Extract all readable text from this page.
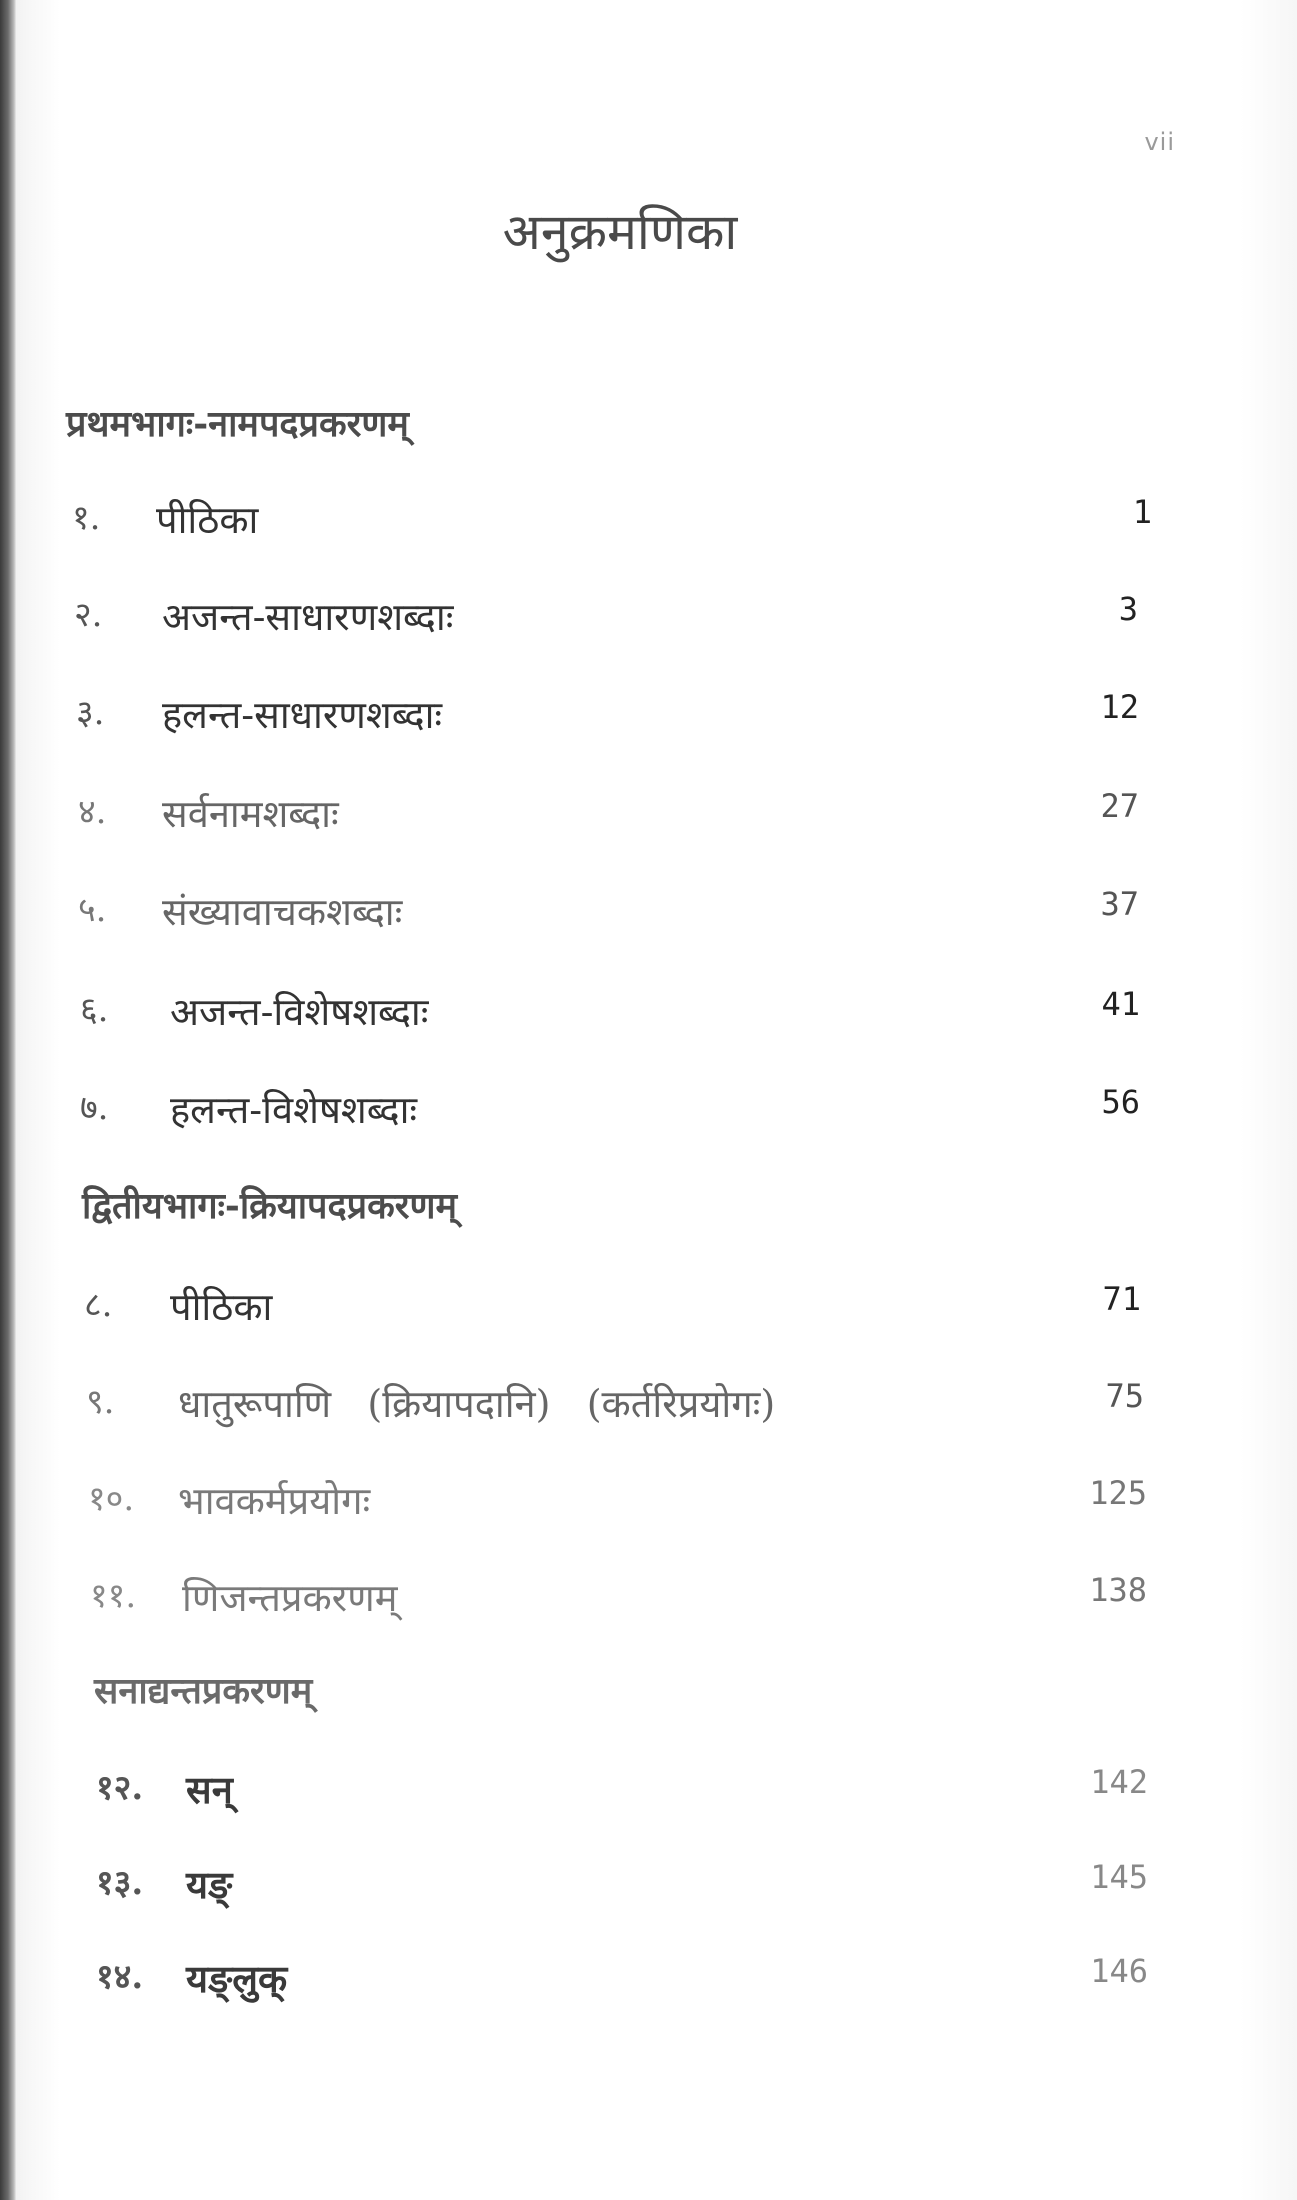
vii
अनुक्रमणिका
प्रथमभागः-नामपदप्रकरणम्
१. पीठिका	1
२. अजन्त-साधारणशब्दाः	3
३. हलन्त-साधारणशब्दाः	12
४. सर्वनामशब्दाः	27
५. संख्यावाचकशब्दाः	37
६. अजन्त-विशेषशब्दाः	41
७. हलन्त-विशेषशब्दाः	56
द्वितीयभागः-क्रियापदप्रकरणम्
८. पीठिका	71
९. धातुरूपाणि   (क्रियापदानि)   (कर्तरिप्रयोगः)	75
१०. भावकर्मप्रयोगः	125
११. णिजन्तप्रकरणम्	138
सनाद्यन्तप्रकरणम्
१२. सन्	142
१३. यङ्	145
१४. यङ्लुक्	146
